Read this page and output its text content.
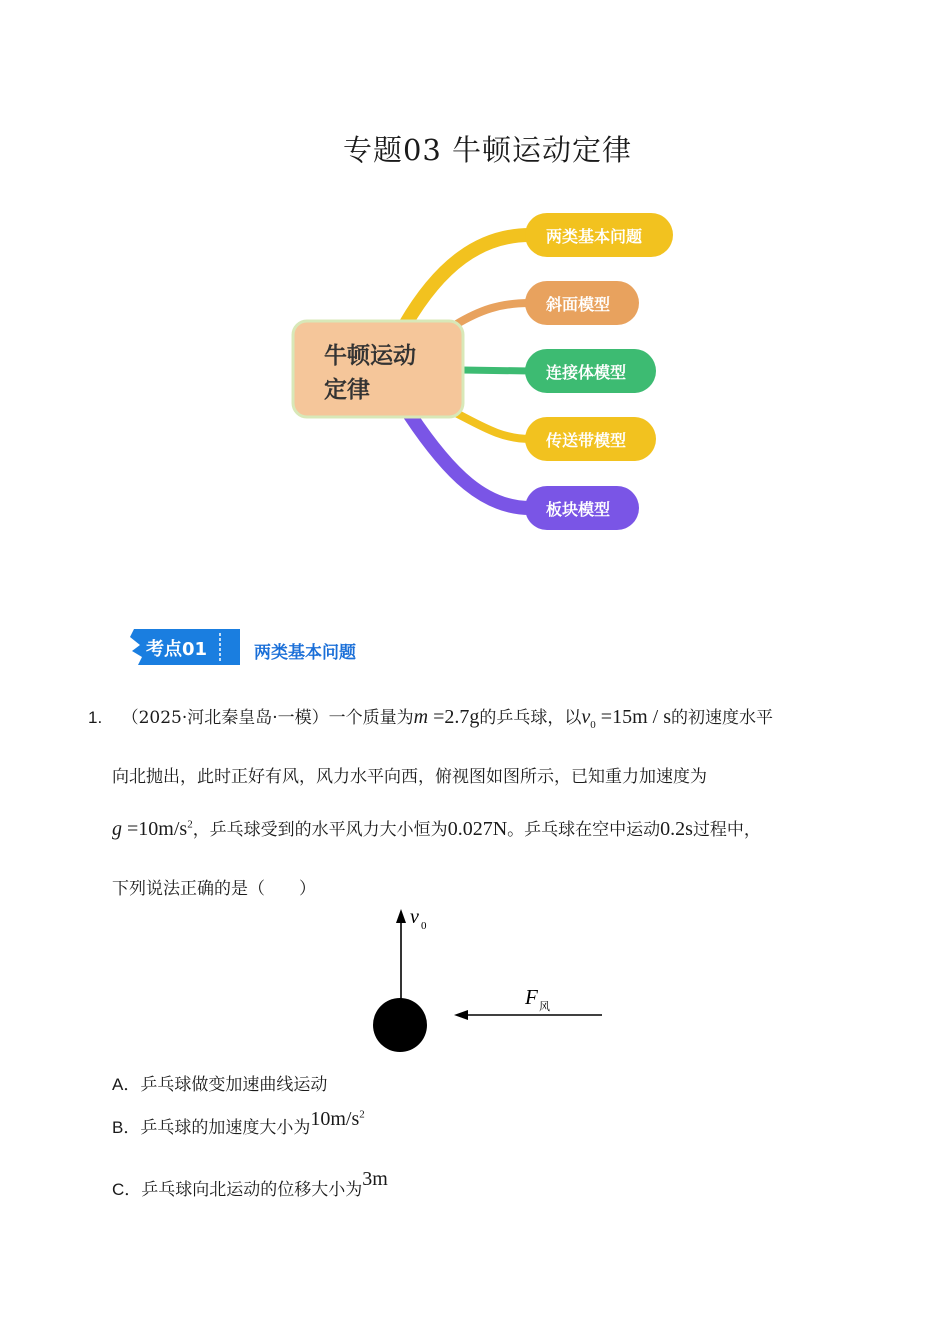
专题03 牛顿运动定律
牛顿运动
定律
两类基本问题
斜面模型
连接体模型
传送带模型
板块模型
考点01	两类基本问题
1. （2025·河北秦皇岛·一模）一个质量为m =2.7g的乒乓球，以$v_0 =15m / s$的初速度水平
向北抛出，此时正好有风，风力水平向西，俯视图如图所示，已知重力加速度为
$g =10m/s^2$，乒乓球受到的水平风力大小恒为0.027N。乒乓球在空中运动0.2s过程中，
下列说法正确的是（　　）
v 0
F 风
A．乒乓球做变加速曲线运动
B．乒乓球的加速度大小为$10m/s^2$
C．乒乓球向北运动的位移大小为3m
